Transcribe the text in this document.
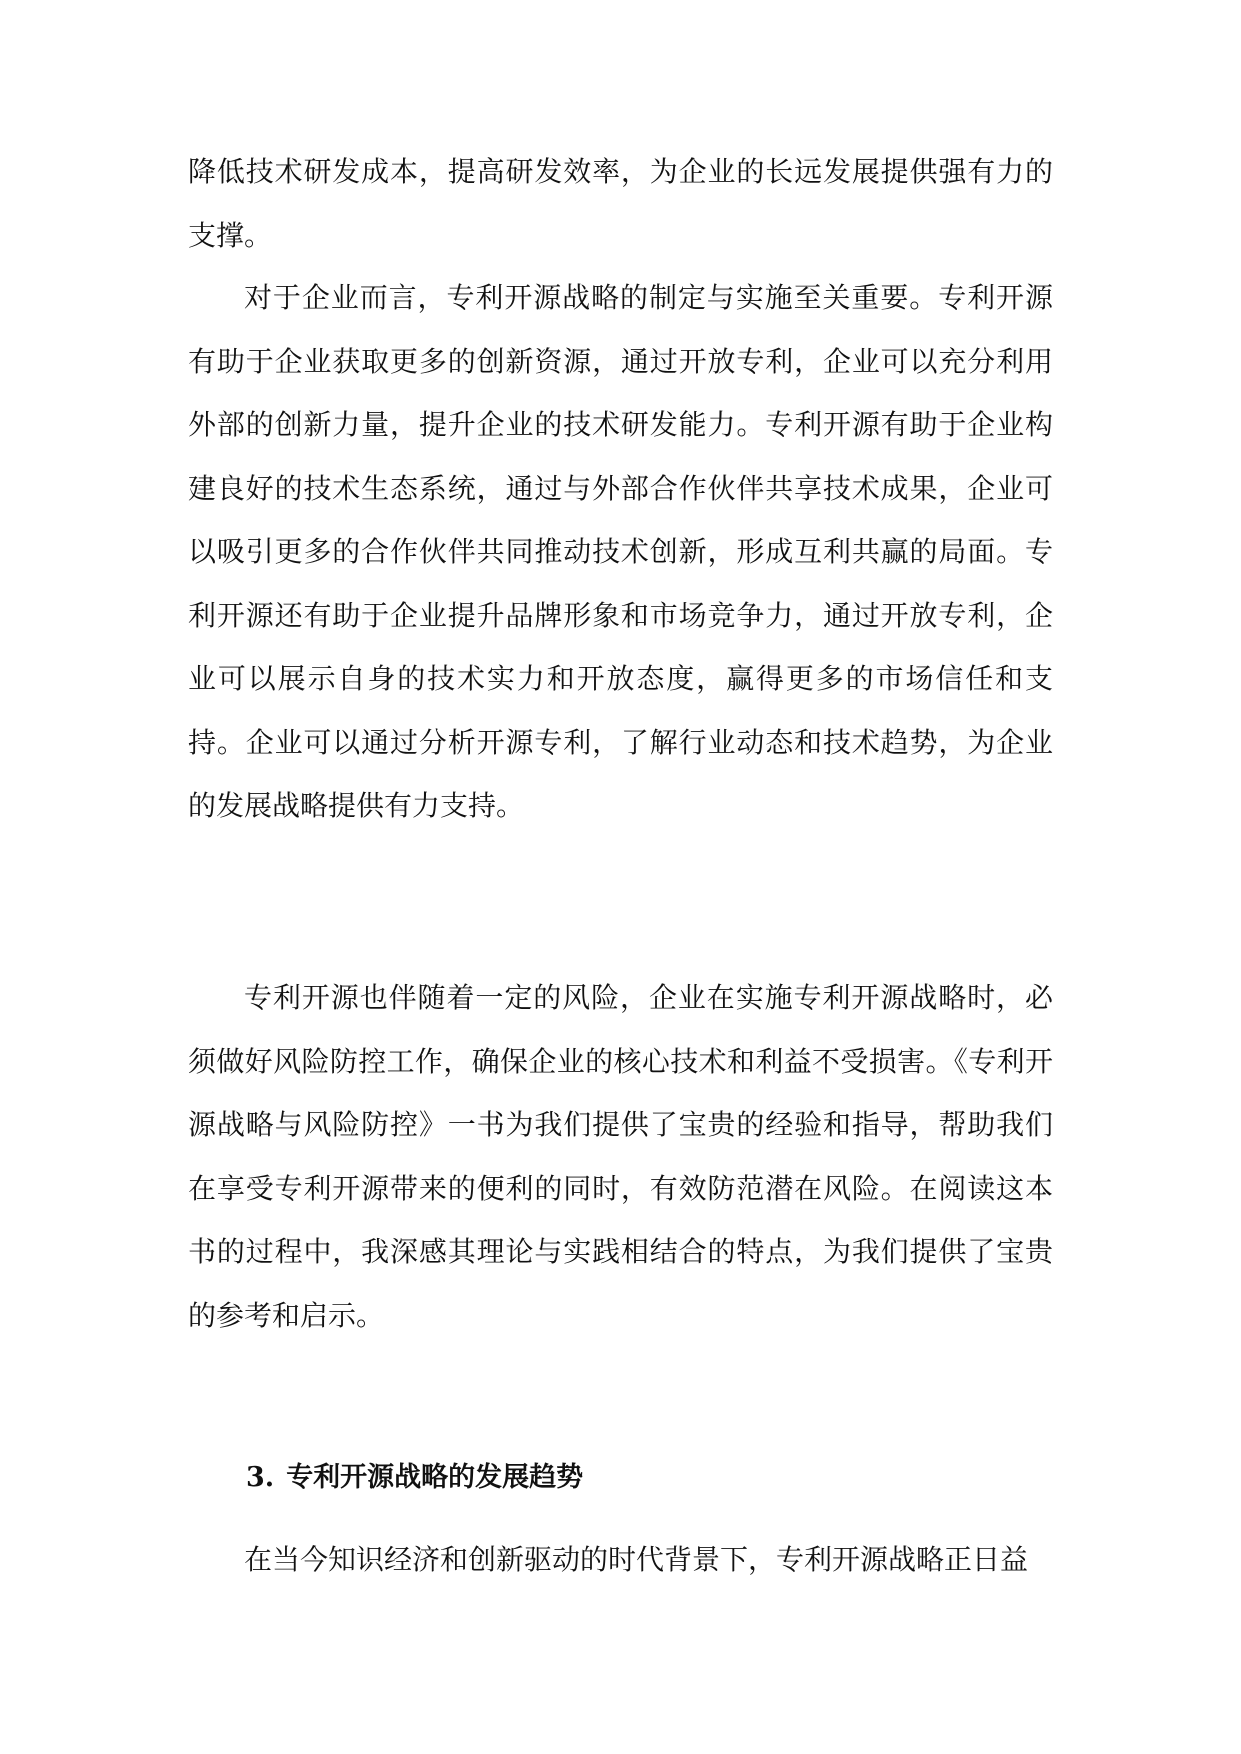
降低技术研发成本，提高研发效率，为企业的长远发展提供强有力的支撑。

对于企业而言，专利开源战略的制定与实施至关重要。专利开源有助于企业获取更多的创新资源，通过开放专利，企业可以充分利用外部的创新力量，提升企业的技术研发能力。专利开源有助于企业构建良好的技术生态系统，通过与外部合作伙伴共享技术成果，企业可以吸引更多的合作伙伴共同推动技术创新，形成互利共赢的局面。专利开源还有助于企业提升品牌形象和市场竞争力，通过开放专利，企业可以展示自身的技术实力和开放态度，赢得更多的市场信任和支持。企业可以通过分析开源专利，了解行业动态和技术趋势，为企业的发展战略提供有力支持。

专利开源也伴随着一定的风险，企业在实施专利开源战略时，必须做好风险防控工作，确保企业的核心技术和利益不受损害。《专利开源战略与风险防控》一书为我们提供了宝贵的经验和指导，帮助我们在享受专利开源带来的便利的同时，有效防范潜在风险。在阅读这本书的过程中，我深感其理论与实践相结合的特点，为我们提供了宝贵的参考和启示。

3. 专利开源战略的发展趋势

在当今知识经济和创新驱动的时代背景下，专利开源战略正日益
